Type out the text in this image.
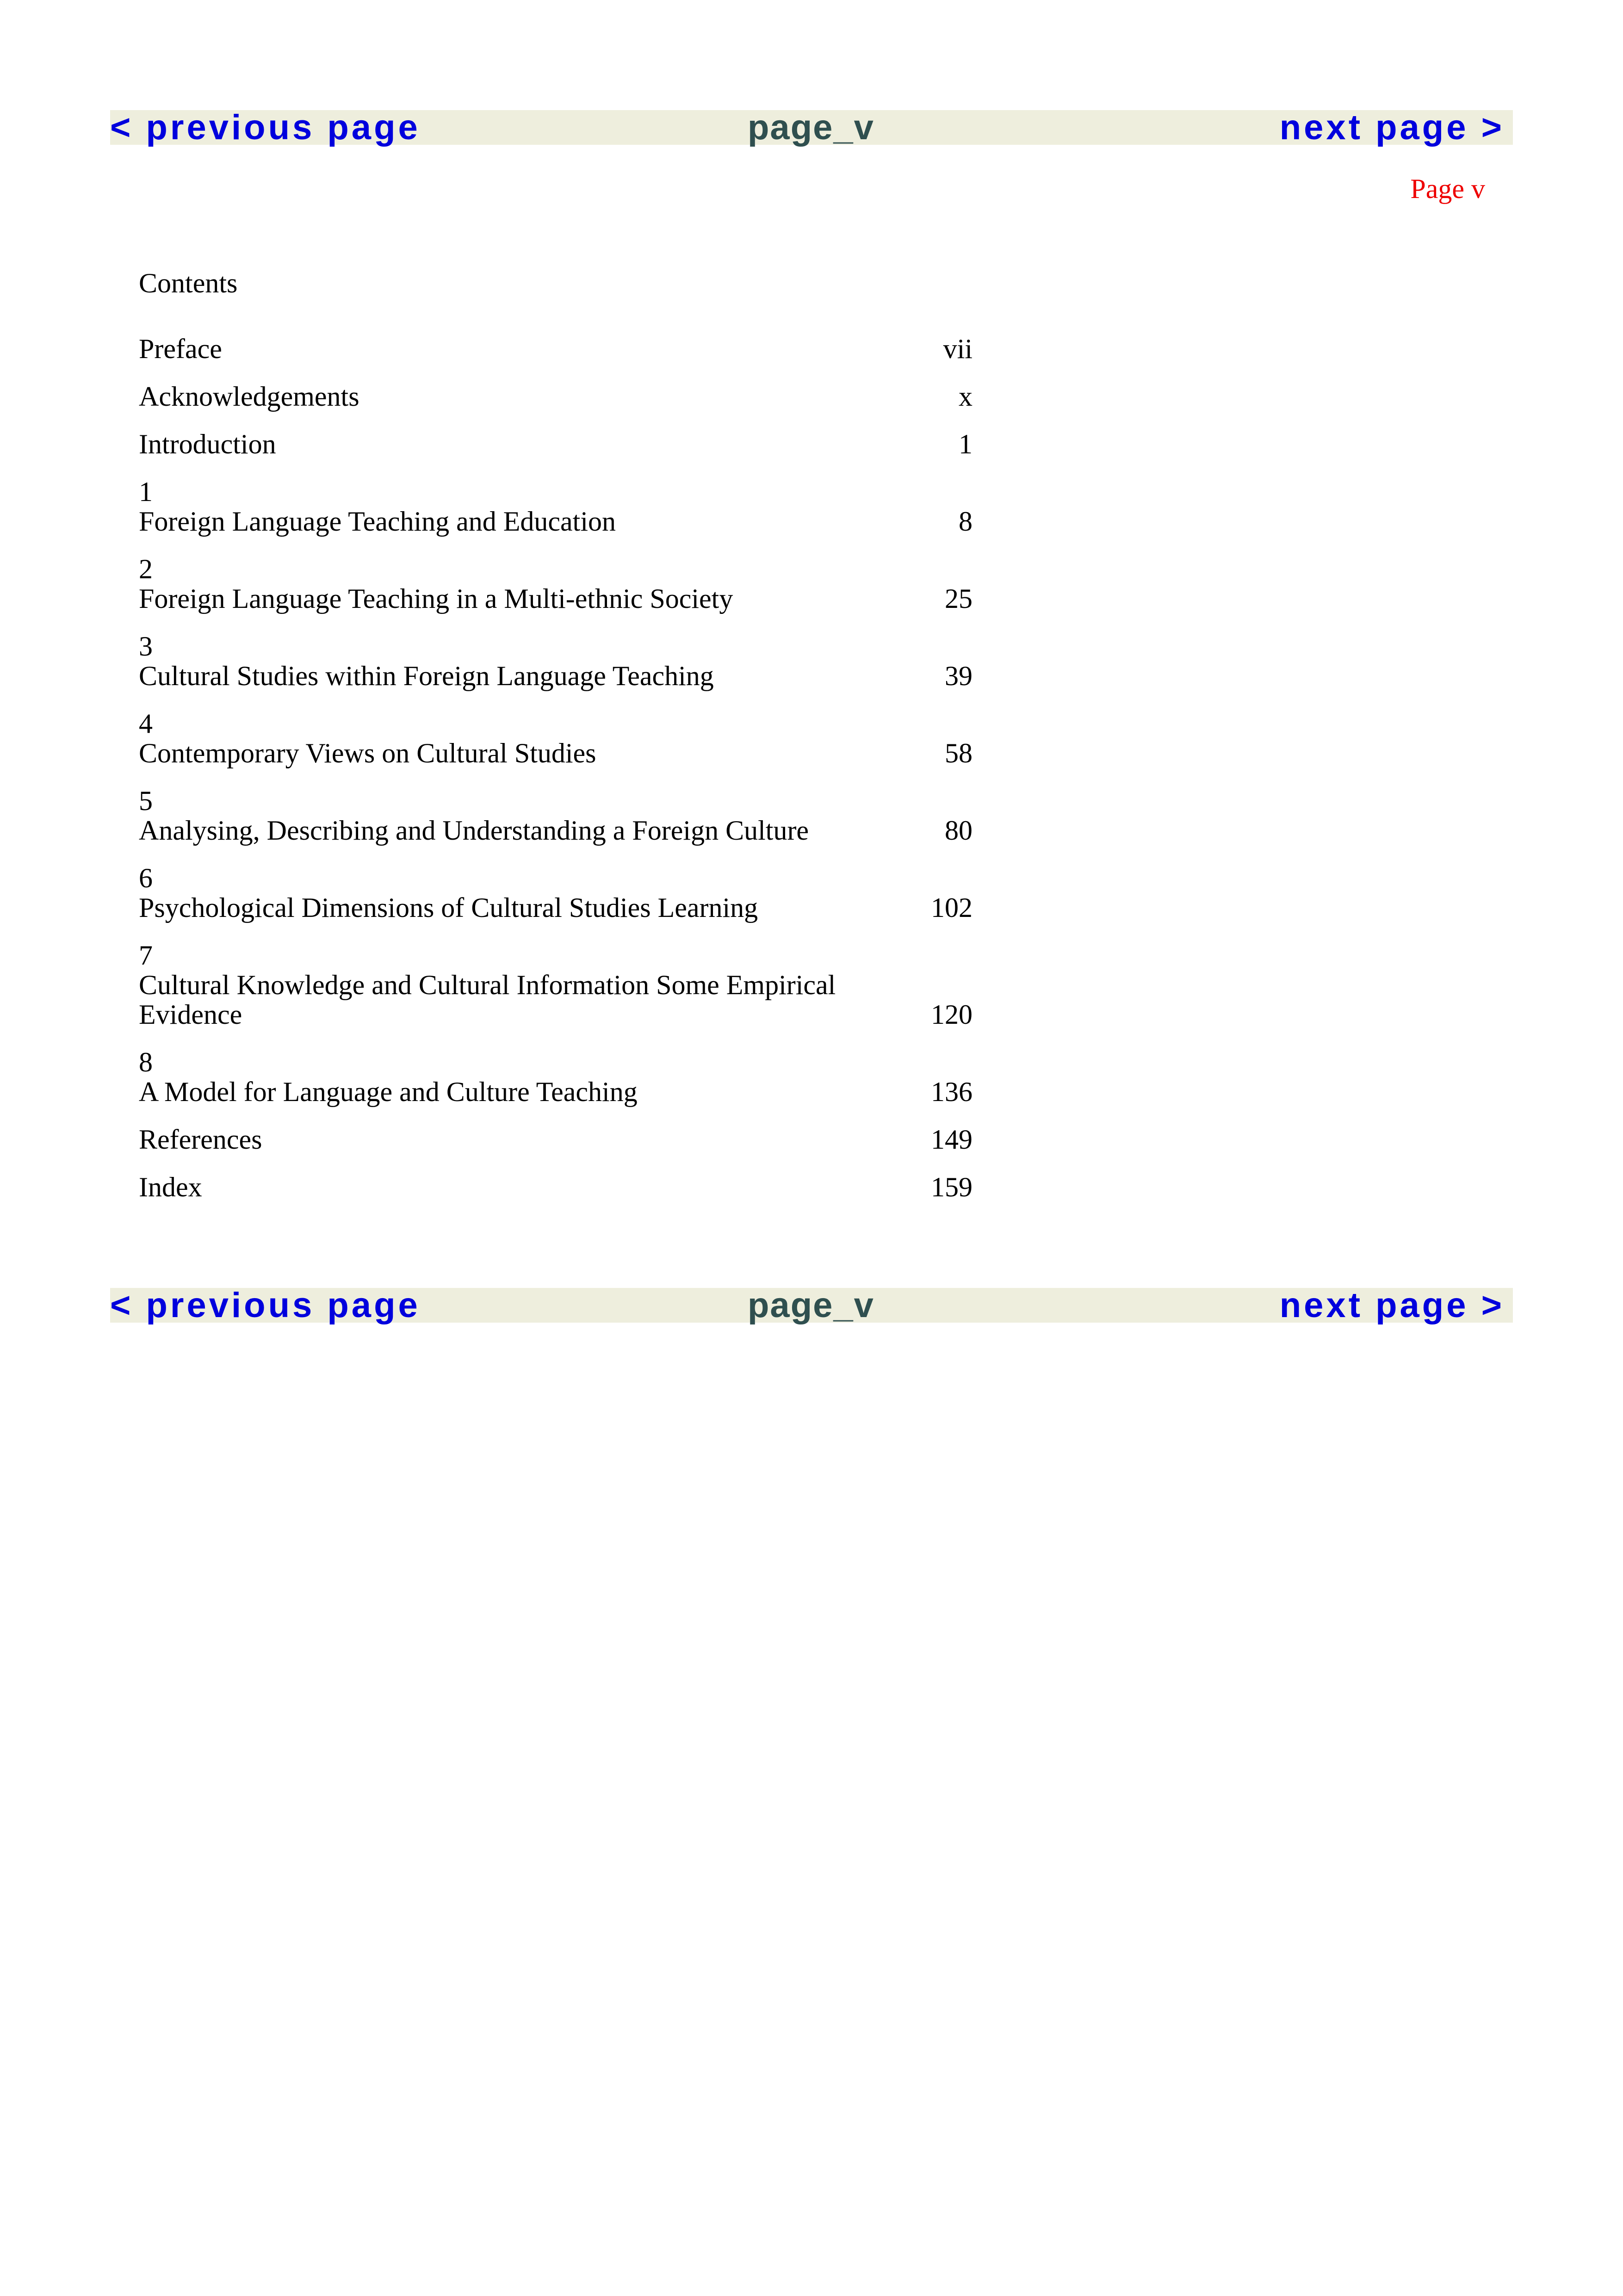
< previous page	page_v	next page >
Page v
Contents
Preface	vii
Acknowledgements	x
Introduction	1
1
Foreign Language Teaching and Education	8
2
Foreign Language Teaching in a Multi-ethnic Society	25
3
Cultural Studies within Foreign Language Teaching	39
4
Contemporary Views on Cultural Studies	58
5
Analysing, Describing and Understanding a Foreign Culture	80
6
Psychological Dimensions of Cultural Studies Learning	102
7
Cultural Knowledge and Cultural Information Some Empirical Evidence	120
8
A Model for Language and Culture Teaching	136
References	149
Index	159
< previous page	page_v	next page >
